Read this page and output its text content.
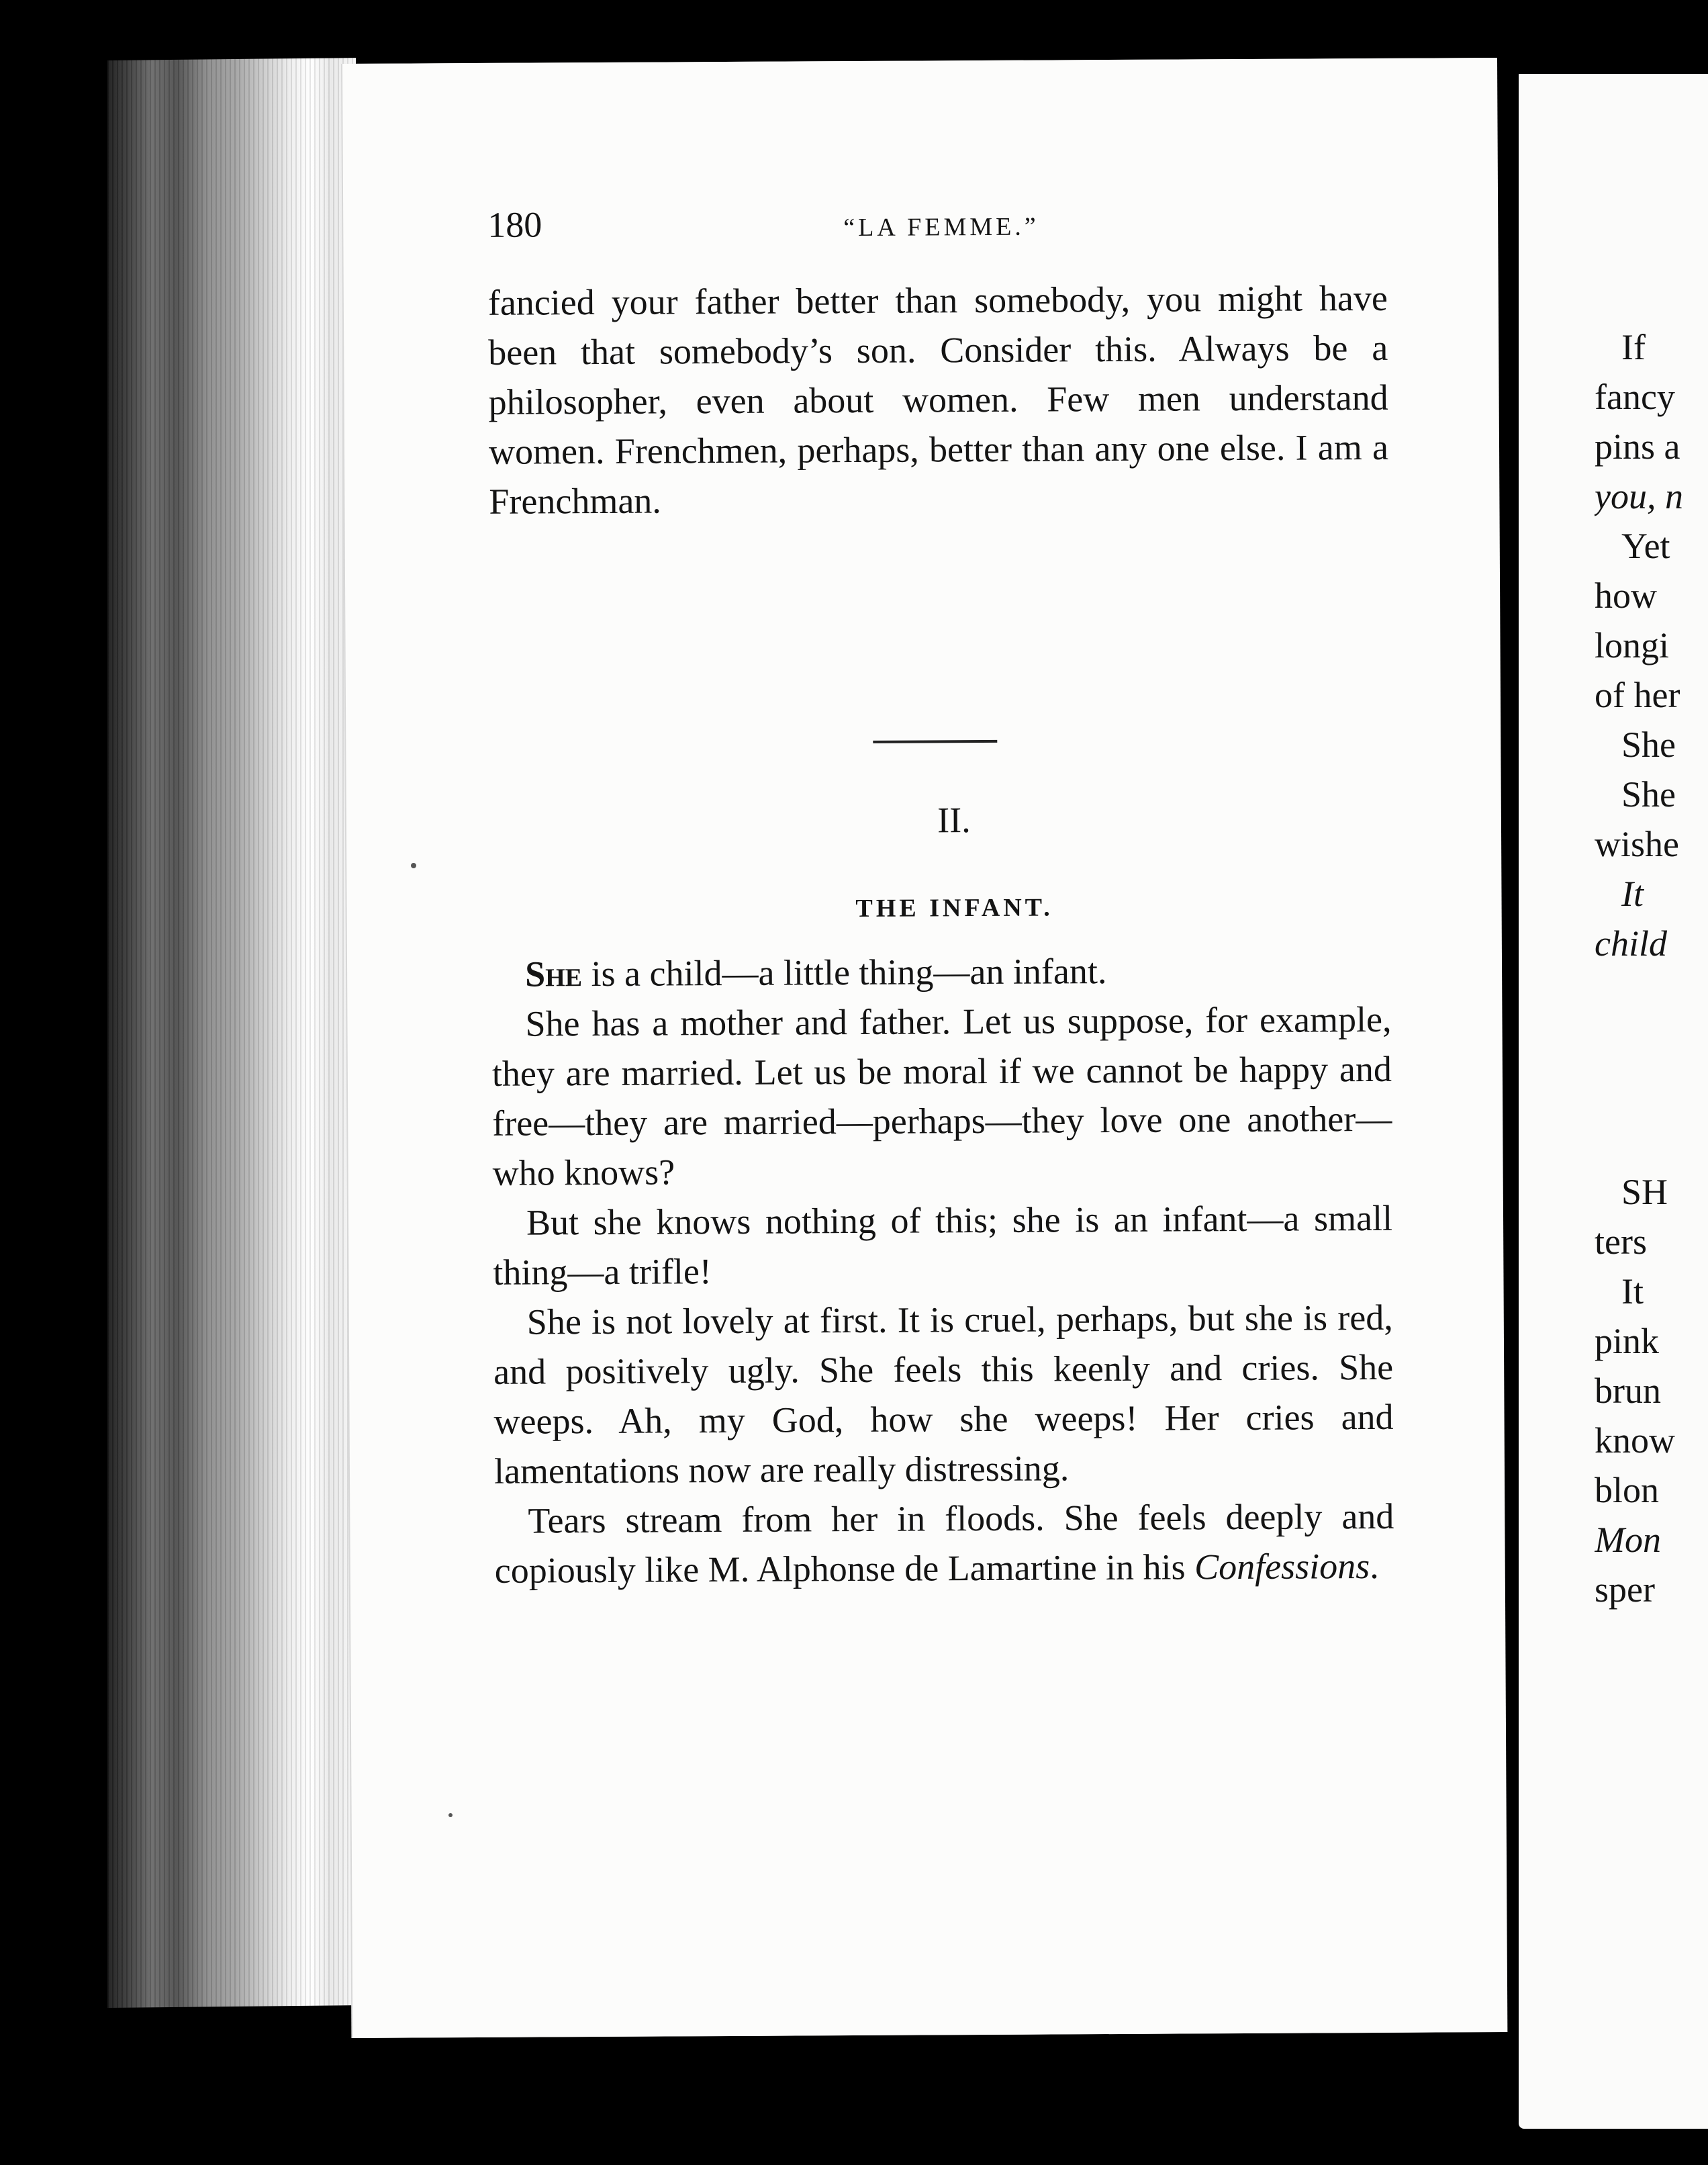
180	“LA FEMME.”

fancied your father better than somebody, you might have been that somebody’s son. Consider this. Always be a philosopher, even about women. Few men understand women. Frenchmen, perhaps, better than any one else. I am a Frenchman.

II.
THE INFANT.

She is a child—a little thing—an infant.

She has a mother and father. Let us suppose, for example, they are married. Let us be moral if we cannot be happy and free—they are married—perhaps—they love one another—who knows?

But she knows nothing of this; she is an infant—a small thing—a trifle!

She is not lovely at first. It is cruel, perhaps, but she is red, and positively ugly. She feels this keenly and cries. She weeps. Ah, my God, how she weeps! Her cries and lamentations now are really distressing.

Tears stream from her in floods. She feels deeply and copiously like M. Alphonse de Lamartine in his Confessions.

If
fancy
pins a
you, n
Yet
how
longi
of her
She
She
wishe
It
child
SH
ters
It
pink
brun
know
blon
Mon
sper
